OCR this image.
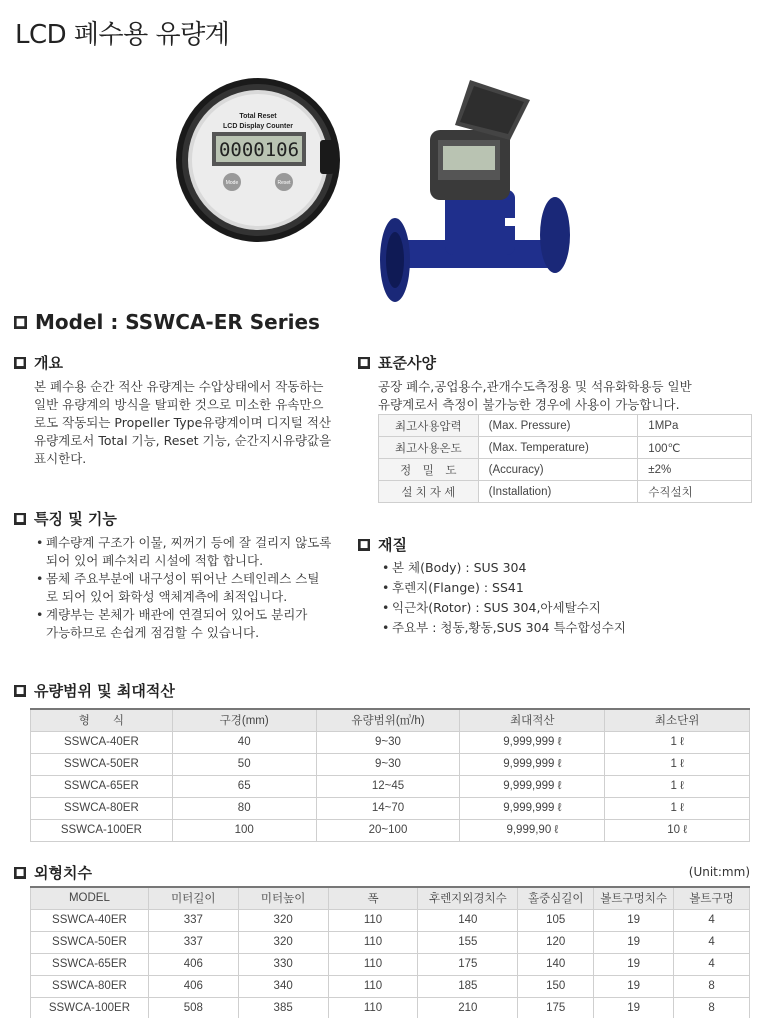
LCD 폐수용 유량계
Total Reset
LCD Display Counter
0000106
Mode	Reset
■ Model : SSWCA-ER Series
■ 개요
본 폐수용 순간 적산 유량계는 수압상태에서 작동하는
일반 유량계의 방식을 탈피한 것으로 미소한 유속만으
로도 작동되는 Propeller Type유량계이며 디지털 적산
유량계로서 Total 기능, Reset 기능, 순간지시유량값을
표시한다.
■ 표준사양
공장 폐수,공업용수,관개수도측정용 및 석유화학용등 일반
유량계로서 측정이 불가능한 경우에 사용이 가능합니다.
최고사용압력	(Max. Pressure)	1MPa
최고사용온도	(Max. Temperature)	100℃
정　밀　도	(Accuracy)	±2%
설 치 자 세	(Installation)	수직설치
■ 특징 및 기능
• 폐수량계 구조가 이물, 찌꺼기 등에 잘 걸리지 않도록
되어 있어 폐수처리 시설에 적합 합니다.
• 몸체 주요부분에 내구성이 뛰어난 스테인레스 스틸
로 되어 있어 화학성 액체계측에 최적입니다.
• 계량부는 본체가 배관에 연결되어 있어도 분리가
가능하므로 손쉽게 점검할 수 있습니다.
■ 재질
• 본 체(Body) : SUS 304
• 후렌지(Flange) : SS41
• 익근차(Rotor) : SUS 304,아세탈수지
• 주요부 : 청동,황동,SUS 304 특수합성수지
■ 유량범위 및 최대적산
형　　식	구경(mm)	유량범위(㎥/h)	최대적산	최소단위
SSWCA-40ER	40	9~30	9,999,999 ℓ	1 ℓ
SSWCA-50ER	50	9~30	9,999,999 ℓ	1 ℓ
SSWCA-65ER	65	12~45	9,999,999 ℓ	1 ℓ
SSWCA-80ER	80	14~70	9,999,999 ℓ	1 ℓ
SSWCA-100ER	100	20~100	9,999,90 ℓ	10 ℓ
■ 외형치수	(Unit:mm)
MODEL	미터길이	미터높이	폭	후렌지외경치수	홀중심길이	볼트구멍치수	볼트구멍
SSWCA-40ER	337	320	110	140	105	19	4
SSWCA-50ER	337	320	110	155	120	19	4
SSWCA-65ER	406	330	110	175	140	19	4
SSWCA-80ER	406	340	110	185	150	19	8
SSWCA-100ER	508	385	110	210	175	19	8
